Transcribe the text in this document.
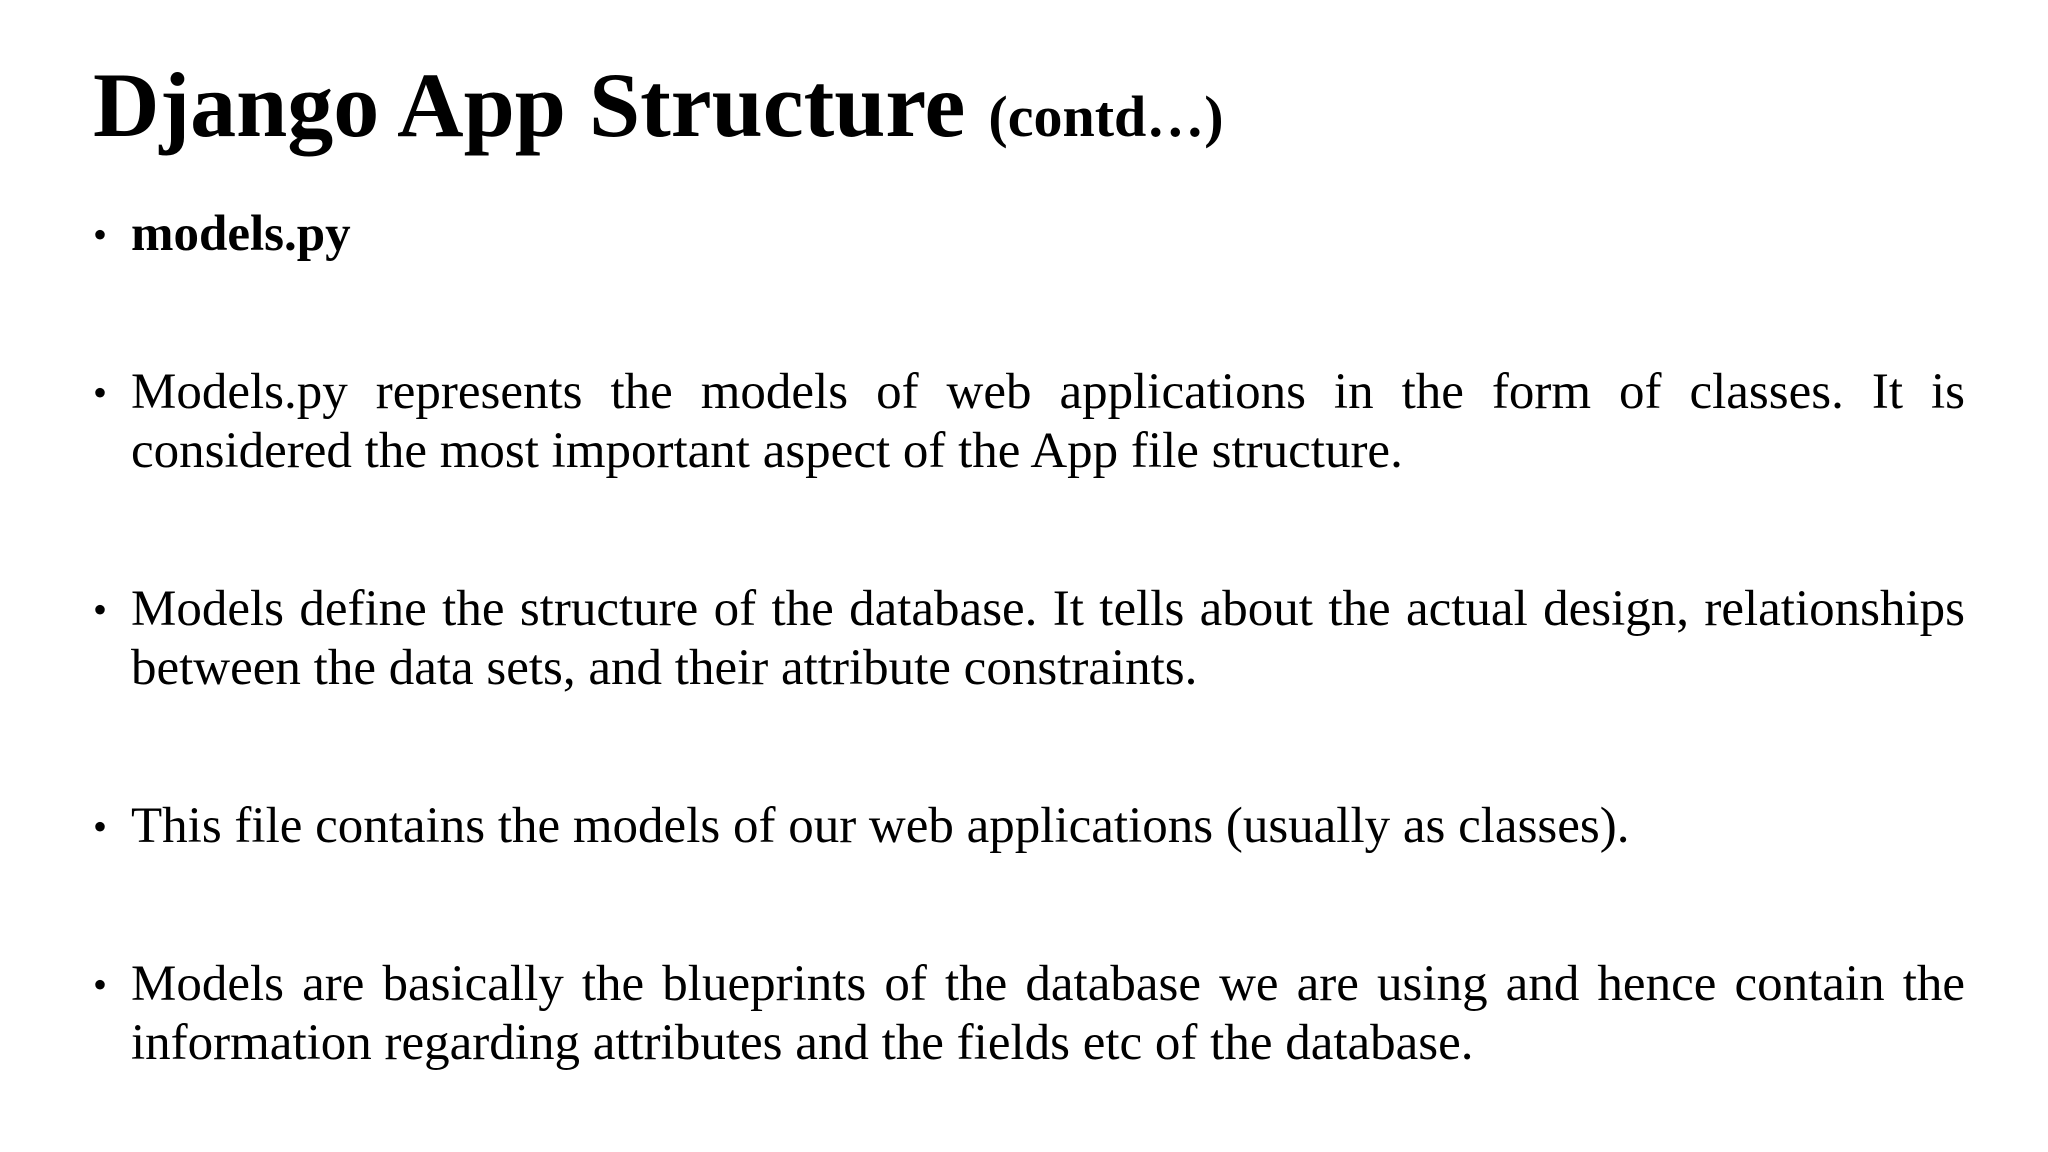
Django App Structure (contd…)
• models.py
• Models.py represents the models of web applications in the form of classes. It is considered the most important aspect of the App file structure.
• Models define the structure of the database. It tells about the actual design, relationships between the data sets, and their attribute constraints.
• This file contains the models of our web applications (usually as classes).
• Models are basically the blueprints of the database we are using and hence contain the information regarding attributes and the fields etc of the database.
